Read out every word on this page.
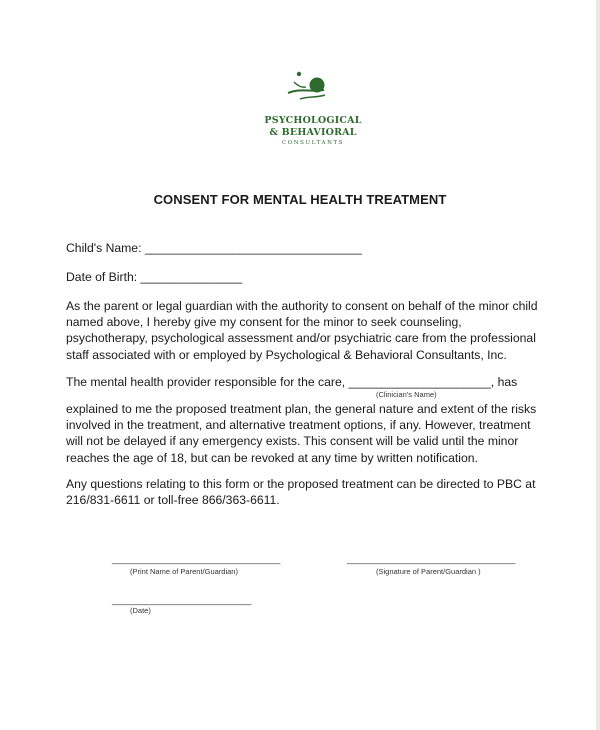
PSYCHOLOGICAL
& BEHAVIORAL
CONSULTANTS
CONSENT FOR MENTAL HEALTH TREATMENT
Child's Name: ________________________________
Date of Birth: _______________
As the parent or legal guardian with the authority to consent on behalf of the minor child
named above, I hereby give my consent for the minor to seek counseling,
psychotherapy, psychological assessment and/or psychiatric care from the professional
staff associated with or employed by Psychological & Behavioral Consultants, Inc.
The mental health provider responsible for the care, _____________________, has
(Clinician's Name)
explained to me the proposed treatment plan, the general nature and extent of the risks
involved in the treatment, and alternative treatment options, if any. However, treatment
will not be delayed if any emergency exists. This consent will be valid until the minor
reaches the age of 18, but can be revoked at any time by written notification.
Any questions relating to this form or the proposed treatment can be directed to PBC at
216/831-6611 or toll-free 866/363-6611.
___________________________________
(Print Name of Parent/Guardian)
___________________________________
(Signature of Parent/Guardian )
_____________________________
(Date)
